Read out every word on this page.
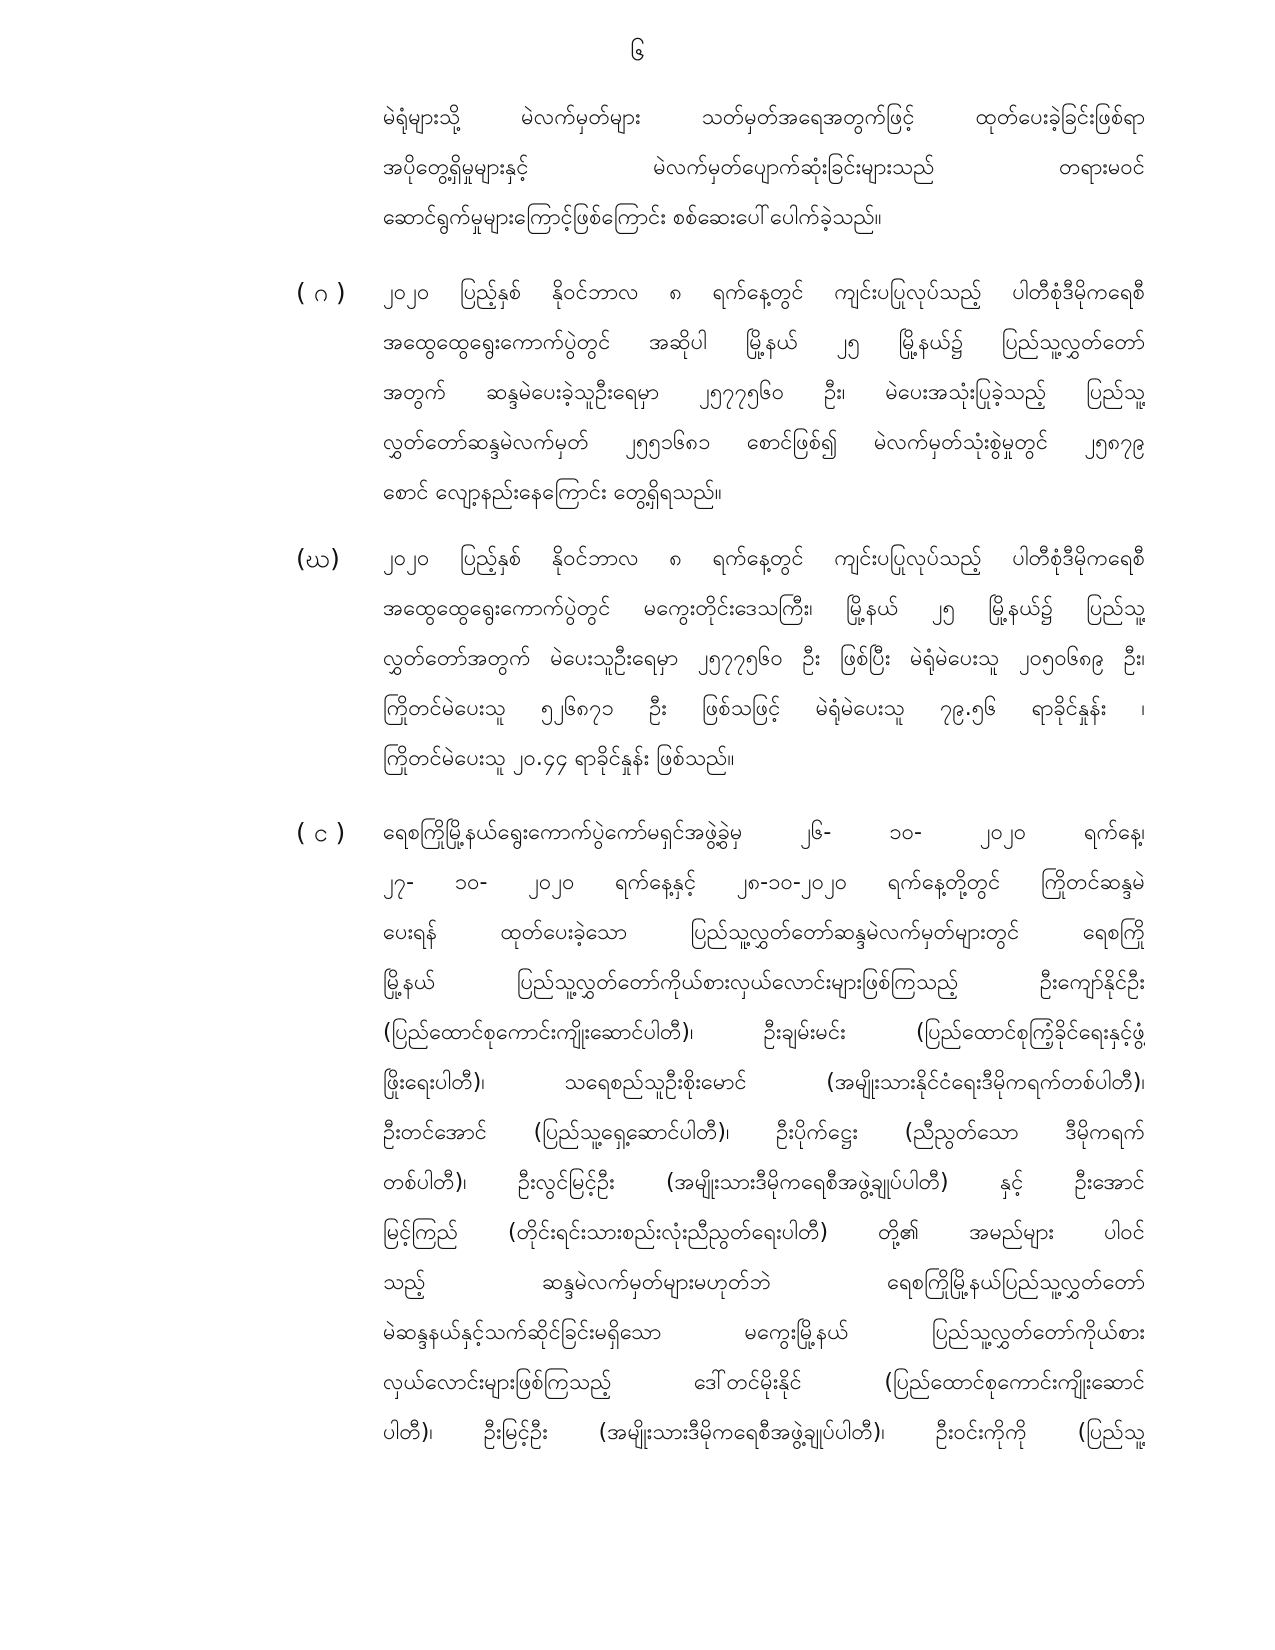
၆
မဲရုံများသို့ မဲလက်မှတ်များ သတ်မှတ်အရေအတွက်ဖြင့် ထုတ်ပေးခဲ့ခြင်းဖြစ်ရာ
အပိုတွေ့ရှိမှုများနှင့် မဲလက်မှတ်ပျောက်ဆုံးခြင်းများသည် တရားမဝင်
ဆောင်ရွက်မှုများကြောင့်ဖြစ်ကြောင်း စစ်ဆေးပေါ်ပေါက်ခဲ့သည်။
( ဂ )	၂၀၂၀ ပြည့်နှစ် နိုဝင်ဘာလ ၈ ရက်နေ့တွင် ကျင်းပပြုလုပ်သည့် ပါတီစုံဒီမိုကရေစီ
အထွေထွေရွေးကောက်ပွဲတွင် အဆိုပါ မြို့နယ် ၂၅ မြို့နယ်၌ ပြည်သူ့လွှတ်တော်
အတွက် ဆန္ဒမဲပေးခဲ့သူဦးရေမှာ ၂၅၇၇၅၆၀ ဦး၊ မဲပေးအသုံးပြုခဲ့သည့် ပြည်သူ့
လွှတ်တော်ဆန္ဒမဲလက်မှတ် ၂၅၅၁၆၈၁ စောင်ဖြစ်၍ မဲလက်မှတ်သုံးစွဲမှုတွင် ၂၅၈၇၉
စောင် လျော့နည်းနေကြောင်း တွေ့ရှိရသည်။
(ဃ)	၂၀၂၀ ပြည့်နှစ် နိုဝင်ဘာလ ၈ ရက်နေ့တွင် ကျင်းပပြုလုပ်သည့် ပါတီစုံဒီမိုကရေစီ
အထွေထွေရွေးကောက်ပွဲတွင် မကွေးတိုင်းဒေသကြီး၊ မြို့နယ် ၂၅ မြို့နယ်၌ ပြည်သူ့
လွှတ်တော်အတွက် မဲပေးသူဦးရေမှာ ၂၅၇၇၅၆၀ ဦး ဖြစ်ပြီး မဲရုံမဲပေးသူ ၂၀၅၀၆၈၉ ဦး၊
ကြိုတင်မဲပေးသူ ၅၂၆၈၇၁ ဦး ဖြစ်သဖြင့် မဲရုံမဲပေးသူ ၇၉.၅၆ ရာခိုင်နှုန်း ၊
ကြိုတင်မဲပေးသူ ၂၀.၄၄ ရာခိုင်နှုန်း ဖြစ်သည်။
( င )	ရေစကြိုမြို့နယ်ရွေးကောက်ပွဲကော်မရှင်အဖွဲ့ခွဲမှ ၂၆- ၁၀- ၂၀၂၀ ရက်နေ့၊
၂၇- ၁၀- ၂၀၂၀ ရက်နေ့နှင့် ၂၈-၁၀-၂၀၂၀ ရက်နေ့တို့တွင် ကြိုတင်ဆန္ဒမဲ
ပေးရန် ထုတ်ပေးခဲ့သော ပြည်သူ့လွှတ်တော်ဆန္ဒမဲလက်မှတ်များတွင် ရေစကြို
မြို့နယ် ပြည်သူ့လွှတ်တော်ကိုယ်စားလှယ်လောင်းများဖြစ်ကြသည့် ဦးကျော်နိုင်ဦး
(ပြည်ထောင်စုကောင်းကျိုးဆောင်ပါတီ)၊ ဦးချမ်းမင်း (ပြည်ထောင်စုကြံ့ခိုင်ရေးနှင့်ဖွံ့
ဖြိုးရေးပါတီ)၊ သရေစည်သူဦးစိုးမောင် (အမျိုးသားနိုင်ငံရေးဒီမိုကရက်တစ်ပါတီ)၊
ဦးတင်အောင် (ပြည်သူ့ရှေ့ဆောင်ပါတီ)၊ ဦးပိုက်ဋ္ဌေး (ညီညွတ်သော ဒီမိုကရက်
တစ်ပါတီ)၊ ဦးလွင်မြင့်ဦး (အမျိုးသားဒီမိုကရေစီအဖွဲ့ချုပ်ပါတီ) နှင့် ဦးအောင်
မြင့်ကြည် (တိုင်းရင်းသားစည်းလုံးညီညွတ်ရေးပါတီ) တို့၏ အမည်များ ပါဝင်
သည့် ဆန္ဒမဲလက်မှတ်များမဟုတ်ဘဲ ရေစကြိုမြို့နယ်ပြည်သူ့လွှတ်တော်
မဲဆန္ဒနယ်နှင့်သက်ဆိုင်ခြင်းမရှိသော မကွေးမြို့နယ် ပြည်သူ့လွှတ်တော်ကိုယ်စား
လှယ်လောင်းများဖြစ်ကြသည့် ဒေါ်တင်မိုးနိုင် (ပြည်ထောင်စုကောင်းကျိုးဆောင်
ပါတီ)၊ ဦးမြင့်ဦး (အမျိုးသားဒီမိုကရေစီအဖွဲ့ချုပ်ပါတီ)၊ ဦးဝင်းကိုကို (ပြည်သူ့
